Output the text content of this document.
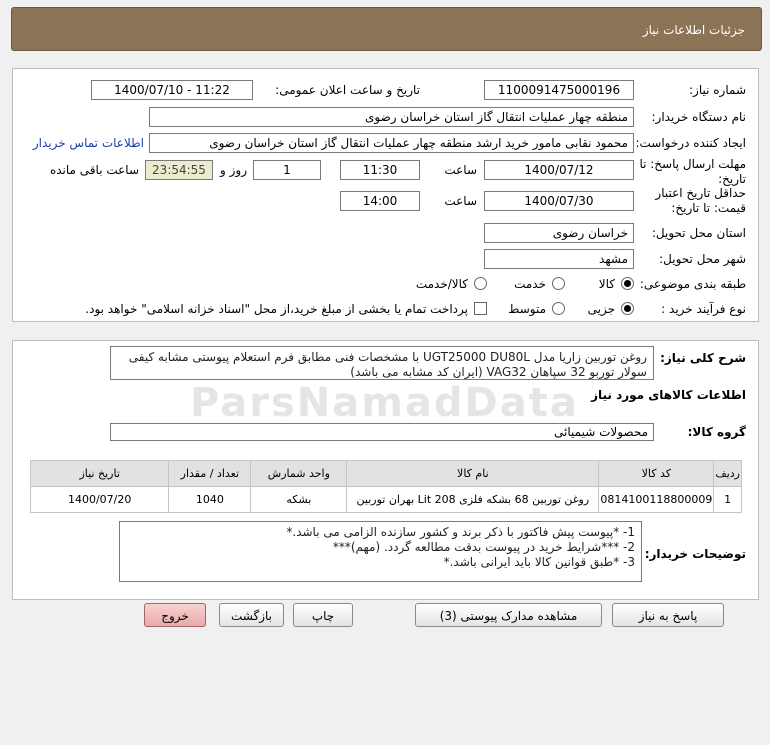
جزئیات اطلاعات نیاز
شماره نیاز:
1100091475000196
تاریخ و ساعت اعلان عمومی:
1400/07/10 - 11:22
نام دستگاه خریدار:
منطقه چهار عملیات انتقال گاز استان خراسان رضوی
ایجاد کننده درخواست:
محمود نقابی مامور خرید ارشد منطقه چهار عملیات انتقال گاز استان خراسان رضوی
اطلاعات تماس خریدار
مهلت ارسال پاسخ: تا
تاریخ:
1400/07/12
ساعت
11:30
1
روز و
23:54:55
ساعت باقی مانده
حداقل تاریخ اعتبار
قیمت: تا تاریخ:
1400/07/30
ساعت
14:00
استان محل تحویل:
خراسان رضوی
شهر محل تحویل:
مشهد
طبقه بندی موضوعی:
کالا
خدمت
کالا/خدمت
نوع فرآیند خرید :
جزیی
متوسط
پرداخت تمام یا بخشی از مبلغ خرید،از محل "اسناد خزانه اسلامی" خواهد بود.
شرح کلی نیاز:
روغن توربین زاریا مدل UGT25000 DU80L با مشخصات فنی مطابق فرم استعلام پیوستی مشابه کیفی
سولار توربو 32 سپاهان VAG32 (ایران کد مشابه می باشد)
اطلاعات کالاهای مورد نیاز
گروه کالا:
محصولات شیمیائی
ردیف	کد کالا	نام کالا	واحد شمارش	تعداد / مقدار	تاریخ نیاز
1	0814100118800009	روغن توربین 68 بشکه فلزی 208 Lit بهران توربین	بشکه	1040	1400/07/20
توضیحات خریدار:
1- *پیوست پیش فاکتور با ذکر برند و کشور سازنده الزامی می باشد.*
2- ***شرایط خرید در پیوست بدقت مطالعه گردد. (مهم)***
3- *طبق قوانین کالا باید ایرانی باشد.*
پاسخ به نیاز
مشاهده مدارک پیوستی (3)
چاپ
بازگشت
خروج
ParsNamadData
